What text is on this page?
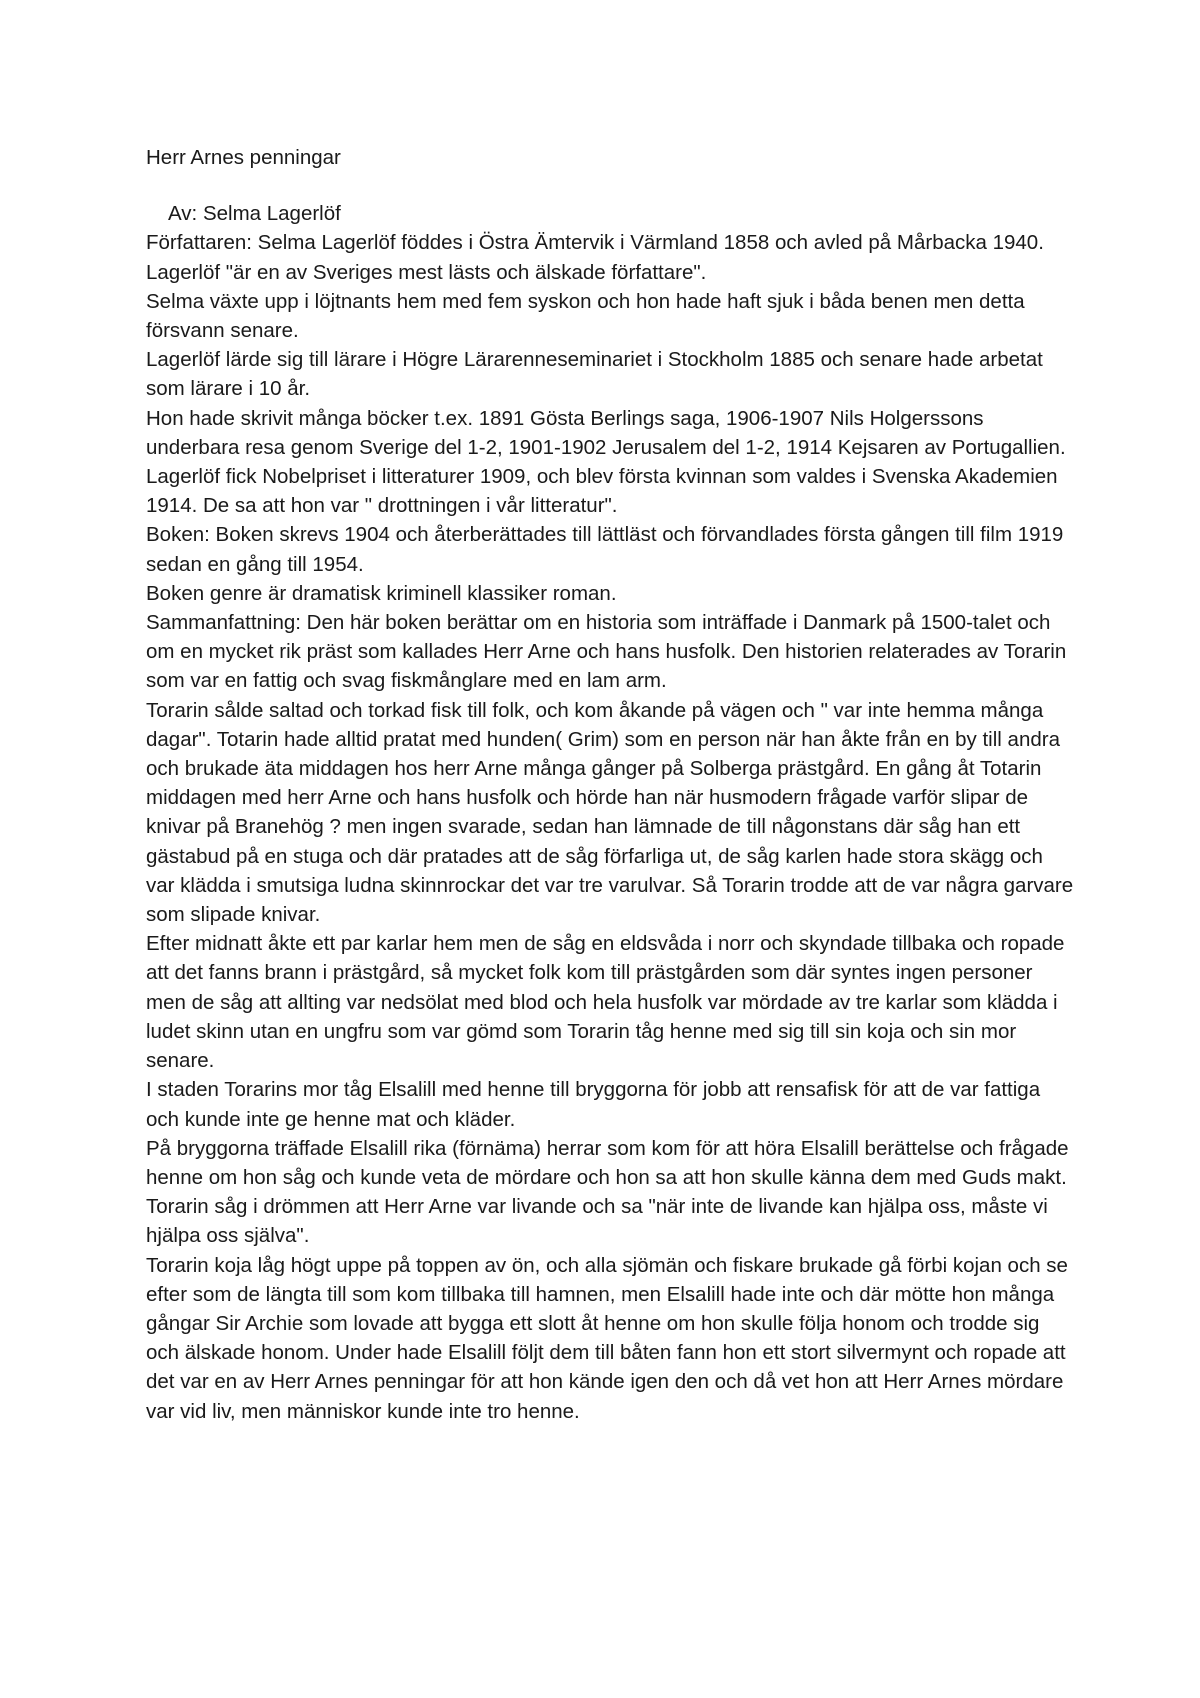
Herr Arnes penningar

Av: Selma Lagerlöf

Författaren: Selma Lagerlöf föddes i Östra Ämtervik i Värmland 1858 och avled på Mårbacka 1940. Lagerlöf "är en av Sveriges mest lästs och älskade författare".

Selma växte upp i löjtnants hem med fem syskon och hon hade haft sjuk i båda benen men detta försvann senare.

Lagerlöf lärde sig till lärare i Högre Lärarenneseminariet i Stockholm 1885 och senare hade arbetat som lärare i 10 år.

Hon hade skrivit många böcker t.ex. 1891 Gösta Berlings saga, 1906-1907 Nils Holgerssons underbara resa genom Sverige del 1-2, 1901-1902 Jerusalem del 1-2, 1914 Kejsaren av Portugallien.

Lagerlöf fick Nobelpriset i litteraturer 1909, och blev första kvinnan som valdes i Svenska Akademien 1914. De sa att hon var " drottningen i vår litteratur".

Boken: Boken skrevs 1904 och återberättades till lättläst och förvandlades första gången till film 1919 sedan en gång till 1954.

Boken genre är dramatisk kriminell klassiker roman.

Sammanfattning: Den här boken berättar om en historia som inträffade i Danmark på 1500-talet och om en mycket rik präst som kallades Herr Arne och hans husfolk. Den historien relaterades av Torarin som var en fattig och svag fiskmånglare med en lam arm.

Torarin sålde saltad och torkad fisk till folk, och kom åkande på vägen och " var inte hemma många dagar". Totarin hade alltid pratat med hunden( Grim) som en person när han åkte från en by till andra och brukade äta middagen hos herr Arne många gånger på Solberga prästgård. En gång åt Totarin middagen med herr Arne och hans husfolk och hörde han när husmodern frågade varför slipar de knivar på Branehög ? men ingen svarade, sedan han lämnade de till någonstans där såg han ett gästabud på en stuga och där pratades att de såg förfarliga ut, de såg karlen hade stora skägg och var klädda i smutsiga ludna skinnrockar det var tre varulvar. Så Torarin trodde att de var några garvare som slipade knivar.

Efter midnatt åkte ett par karlar hem men de såg en eldsvåda i norr och skyndade tillbaka och ropade att det fanns brann i prästgård, så mycket folk kom till prästgården som där syntes ingen personer men de såg att allting var nedsölat med blod och hela husfolk var mördade av tre karlar som klädda i ludet skinn utan en ungfru som var gömd som Torarin tåg henne med sig till sin koja och sin mor senare.

I staden Torarins mor tåg Elsalill med henne till bryggorna för jobb att rensafisk för att de var fattiga och kunde inte ge henne mat och kläder.

På bryggorna träffade Elsalill rika (förnäma) herrar som kom för att höra Elsalill berättelse och frågade henne om hon såg och kunde veta de mördare och hon sa att hon skulle känna dem med Guds makt.

Torarin såg i drömmen att Herr Arne var livande och sa "när inte de livande kan hjälpa oss, måste vi hjälpa oss själva".

Torarin koja låg högt uppe på toppen av ön, och alla sjömän och fiskare brukade gå förbi kojan och se efter som de längta till som kom tillbaka till hamnen, men Elsalill hade inte och där mötte hon många gångar Sir Archie som lovade att bygga ett slott åt henne om hon skulle följa honom och trodde sig och älskade honom. Under hade Elsalill följt dem till båten fann hon ett stort silvermynt och ropade att det var en av Herr Arnes penningar för att hon kände igen den och då vet hon att Herr Arnes mördare var vid liv, men människor kunde inte tro henne.
